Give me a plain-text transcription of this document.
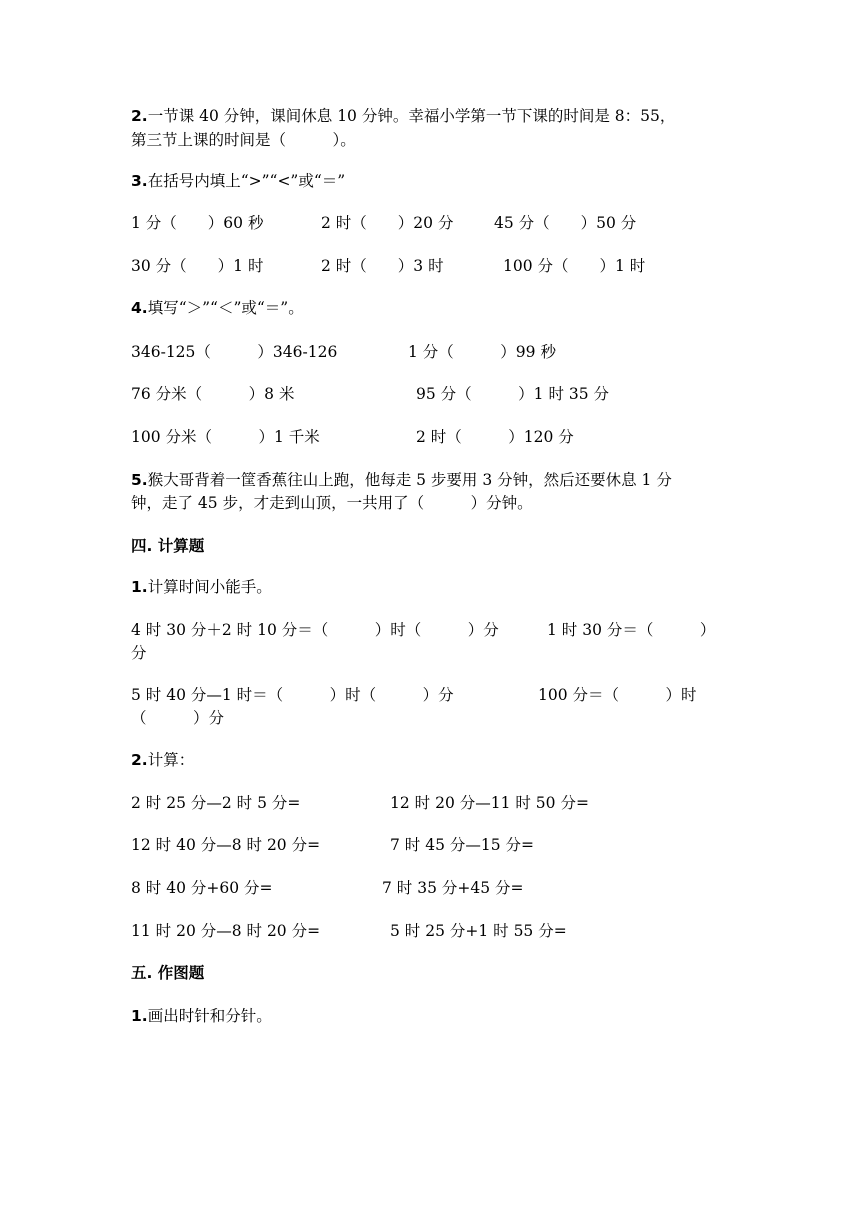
2.一节课 40 分钟，课间休息 10 分钟。幸福小学第一节下课的时间是 8：55，
第三节上课的时间是（　　　）。
3.在括号内填上“>”“<”或“＝”
1 分（　　）60 秒	2 时（　　）20 分	45 分（　　）50 分
30 分（　　）1 时	2 时（　　）3 时	100 分（　　）1 时
4.填写“＞”“＜”或“＝”。
346-125（　　　）346-126	1 分（　　　）99 秒
76 分米（　　　）8 米	95 分（　　　）1 时 35 分
100 分米（　　　）1 千米	2 时（　　　）120 分
5.猴大哥背着一筐香蕉往山上跑，他每走 5 步要用 3 分钟，然后还要休息 1 分
钟，走了 45 步，才走到山顶，一共用了（　　　）分钟。
四. 计算题
1.计算时间小能手。
4 时 30 分＋2 时 10 分＝（　　　）时（　　　）分	1 时 30 分＝（　　　）
分
5 时 40 分—1 时＝（　　　）时（　　　）分	100 分＝（　　　）时
（　　　）分
2.计算：
2 时 25 分—2 时 5 分=	12 时 20 分—11 时 50 分=
12 时 40 分—8 时 20 分=	7 时 45 分—15 分=
8 时 40 分+60 分=	7 时 35 分+45 分=
11 时 20 分—8 时 20 分=	5 时 25 分+1 时 55 分=
五. 作图题
1.画出时针和分针。
